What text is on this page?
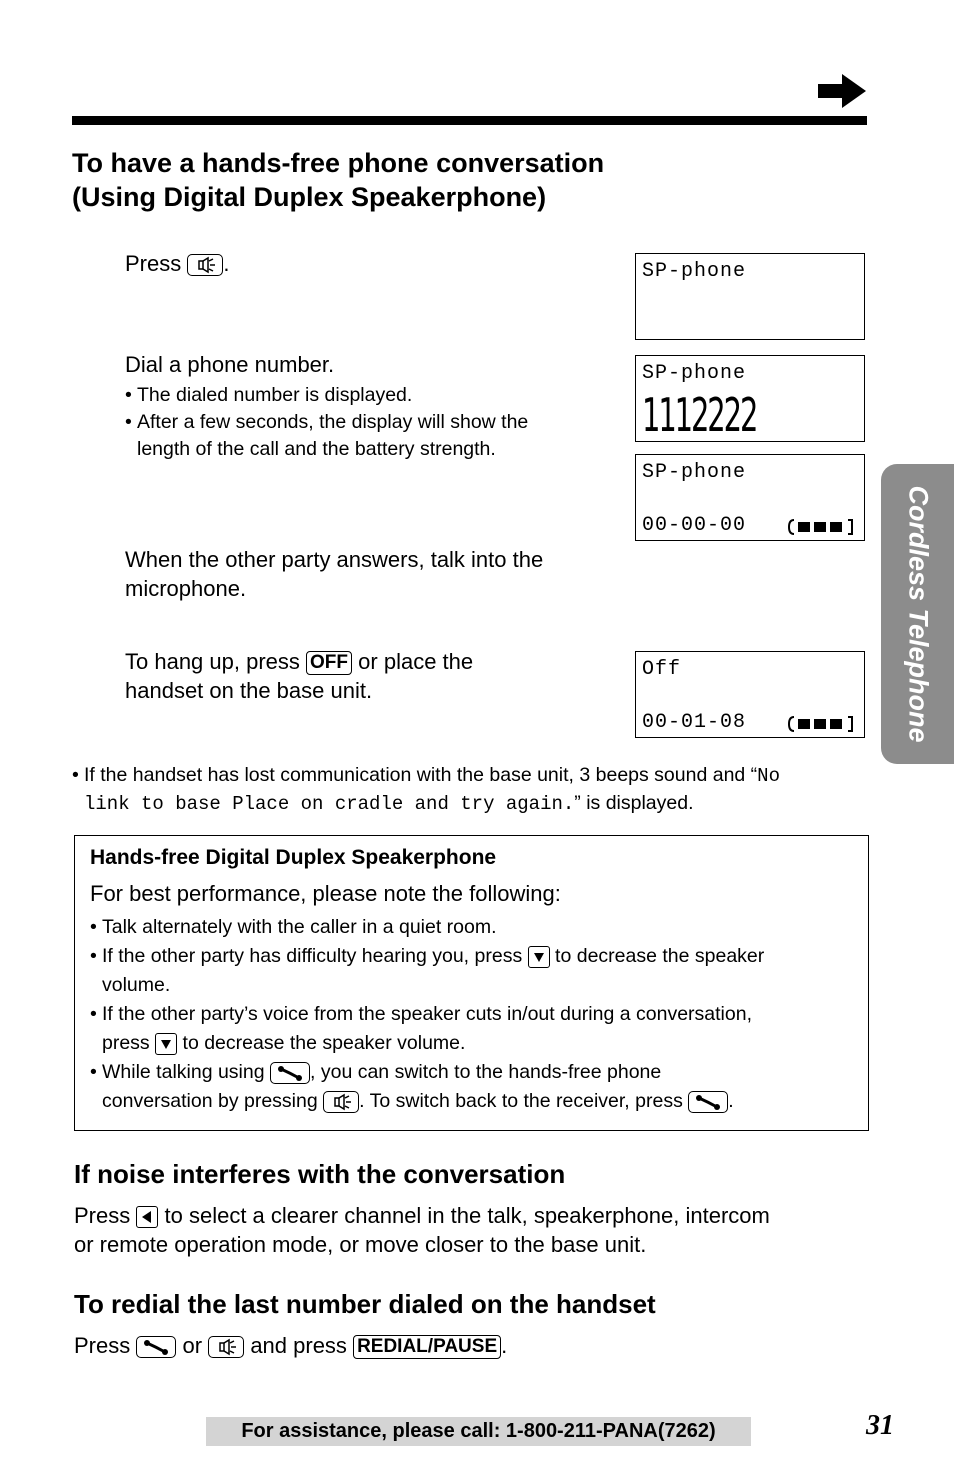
To have a hands-free phone conversation
(Using Digital Duplex Speakerphone)
Press .
Dial a phone number.
• The dialed number is displayed.
• After a few seconds, the display will show the
length of the call and the battery strength.
When the other party answers, talk into the
microphone.
To hang up, press OFF or place the
handset on the base unit.
SP-phone
SP-phone
1112222
SP-phone
00-00-00
Off
00-01-08
• If the handset has lost communication with the base unit, 3 beeps sound and “No
link to base Place on cradle and try again.” is displayed.
Hands-free Digital Duplex Speakerphone
For best performance, please note the following:
• Talk alternately with the caller in a quiet room.
• If the other party has difficulty hearing you, press to decrease the speaker
volume.
• If the other party’s voice from the speaker cuts in/out during a conversation,
press to decrease the speaker volume.
• While talking using , you can switch to the hands-free phone
conversation by pressing . To switch back to the receiver, press .
If noise interferes with the conversation
Press to select a clearer channel in the talk, speakerphone, intercom
or remote operation mode, or move closer to the base unit.
To redial the last number dialed on the handset
Press or and press REDIAL/PAUSE .
Cordless Telephone
For assistance, please call: 1-800-211-PANA(7262)	31
